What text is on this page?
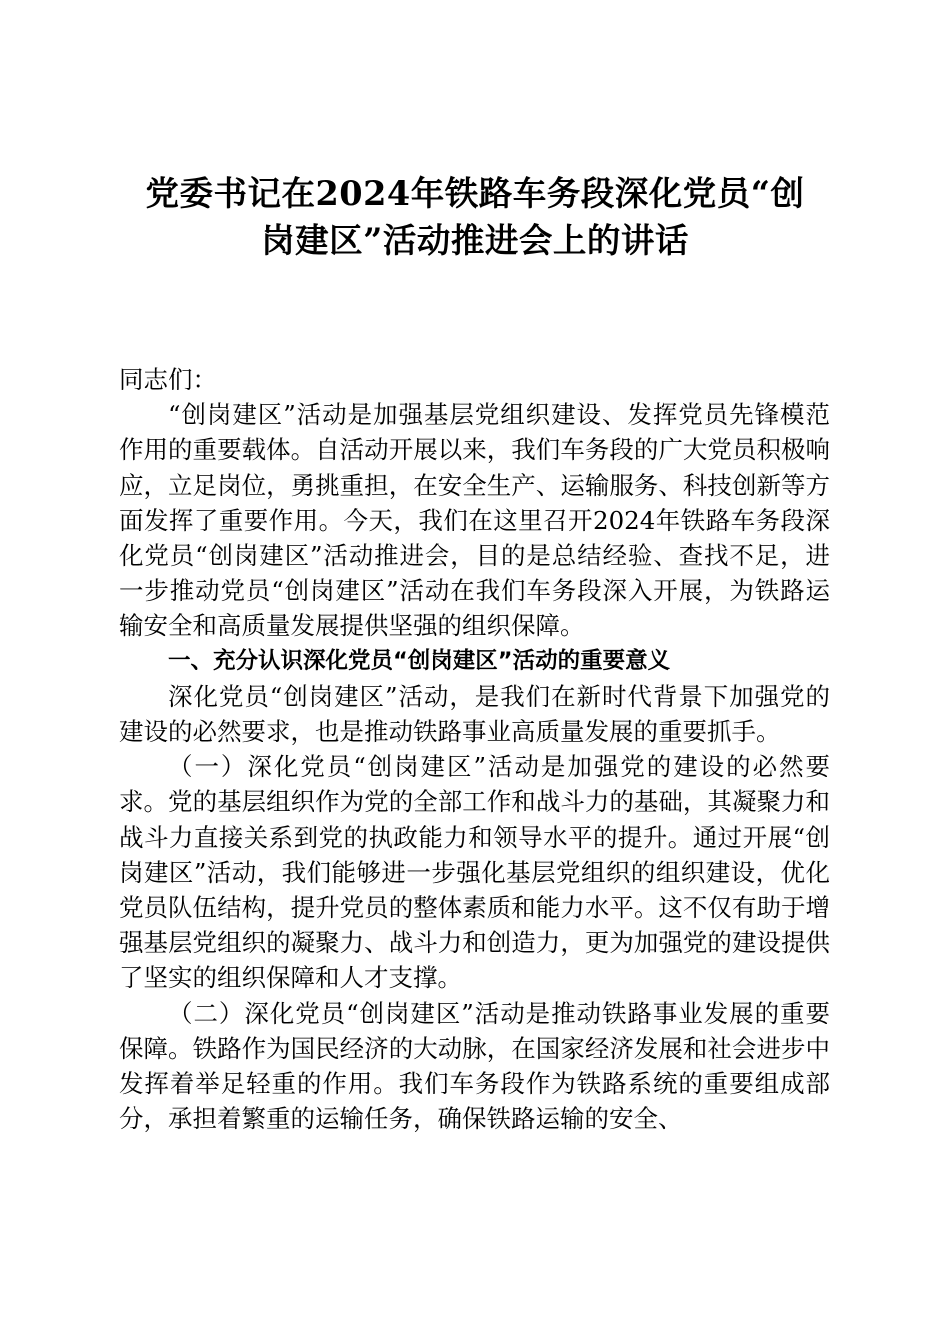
党委书记在2024年铁路车务段深化党员“创
岗建区”活动推进会上的讲话

同志们：

“创岗建区”活动是加强基层党组织建设、发挥党员先锋模范作用的重要载体。自活动开展以来，我们车务段的广大党员积极响应，立足岗位，勇挑重担，在安全生产、运输服务、科技创新等方面发挥了重要作用。今天，我们在这里召开2024年铁路车务段深化党员“创岗建区”活动推进会，目的是总结经验、查找不足，进一步推动党员“创岗建区”活动在我们车务段深入开展，为铁路运输安全和高质量发展提供坚强的组织保障。

一、充分认识深化党员“创岗建区”活动的重要意义

深化党员“创岗建区”活动，是我们在新时代背景下加强党的建设的必然要求，也是推动铁路事业高质量发展的重要抓手。

（一）深化党员“创岗建区”活动是加强党的建设的必然要求。党的基层组织作为党的全部工作和战斗力的基础，其凝聚力和战斗力直接关系到党的执政能力和领导水平的提升。通过开展“创岗建区”活动，我们能够进一步强化基层党组织的组织建设，优化党员队伍结构，提升党员的整体素质和能力水平。这不仅有助于增强基层党组织的凝聚力、战斗力和创造力，更为加强党的建设提供了坚实的组织保障和人才支撑。

（二）深化党员“创岗建区”活动是推动铁路事业发展的重要保障。铁路作为国民经济的大动脉，在国家经济发展和社会进步中发挥着举足轻重的作用。我们车务段作为铁路系统的重要组成部分，承担着繁重的运输任务，确保铁路运输的安全、
